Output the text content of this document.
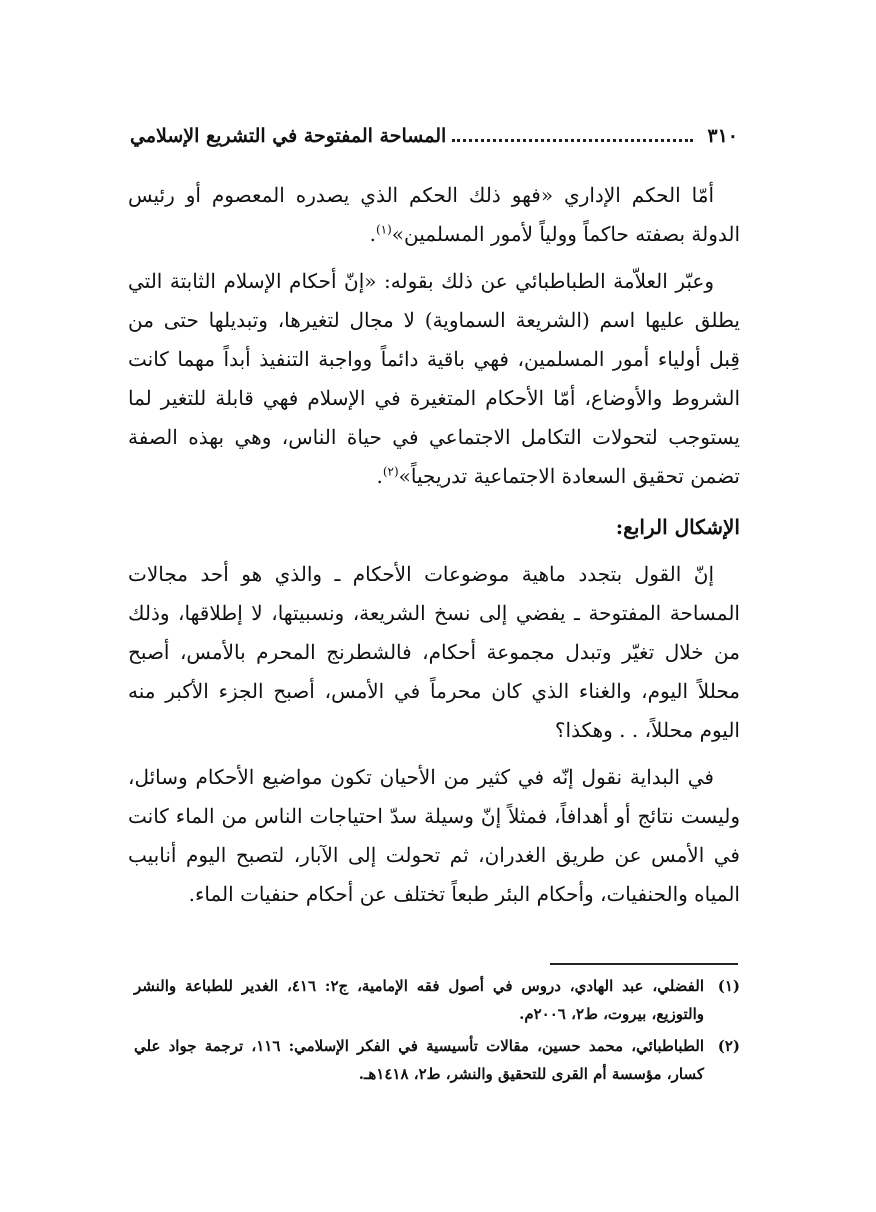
٣١٠
المساحة المفتوحة في التشريع الإسلامي

أمّا الحكم الإداري «فهو ذلك الحكم الذي يصدره المعصوم أو رئيس الدولة بصفته حاكماً وولياً لأمور المسلمين»$^{(١)}$.

وعبّر العلاّمة الطباطبائي عن ذلك بقوله: «إنّ أحكام الإسلام الثابتة التي يطلق عليها اسم (الشريعة السماوية) لا مجال لتغيرها، وتبديلها حتى من قِبل أولياء أمور المسلمين، فهي باقية دائماً وواجبة التنفيذ أبداً مهما كانت الشروط والأوضاع، أمّا الأحكام المتغيرة في الإسلام فهي قابلة للتغير لما يستوجب لتحولات التكامل الاجتماعي في حياة الناس، وهي بهذه الصفة تضمن تحقيق السعادة الاجتماعية تدريجياً»$^{(٢)}$.

الإشكال الرابع:

إنّ القول بتجدد ماهية موضوعات الأحكام ـ والذي هو أحد مجالات المساحة المفتوحة ـ يفضي إلى نسخ الشريعة، ونسبيتها، لا إطلاقها، وذلك من خلال تغيّر وتبدل مجموعة أحكام، فالشطرنج المحرم بالأمس، أصبح محللاً اليوم، والغناء الذي كان محرماً في الأمس، أصبح الجزء الأكبر منه اليوم محللاً، . . وهكذا؟

في البداية نقول إنّه في كثير من الأحيان تكون مواضيع الأحكام وسائل، وليست نتائج أو أهدافاً، فمثلاً إنّ وسيلة سدّ احتياجات الناس من الماء كانت في الأمس عن طريق الغدران، ثم تحولت إلى الآبار، لتصبح اليوم أنابيب المياه والحنفيات، وأحكام البئر طبعاً تختلف عن أحكام حنفيات الماء.

(١)
الفضلي، عبد الهادي، دروس في أصول فقه الإمامية، ج٢: ٤١٦، الغدير للطباعة والنشر والتوزيع، بيروت، ط٢، ٢٠٠٦م.
(٢)
الطباطبائي، محمد حسين، مقالات تأسيسية في الفكر الإسلامي: ١١٦، ترجمة جواد علي كسار، مؤسسة أم القرى للتحقيق والنشر، ط٢، ١٤١٨هـ.
